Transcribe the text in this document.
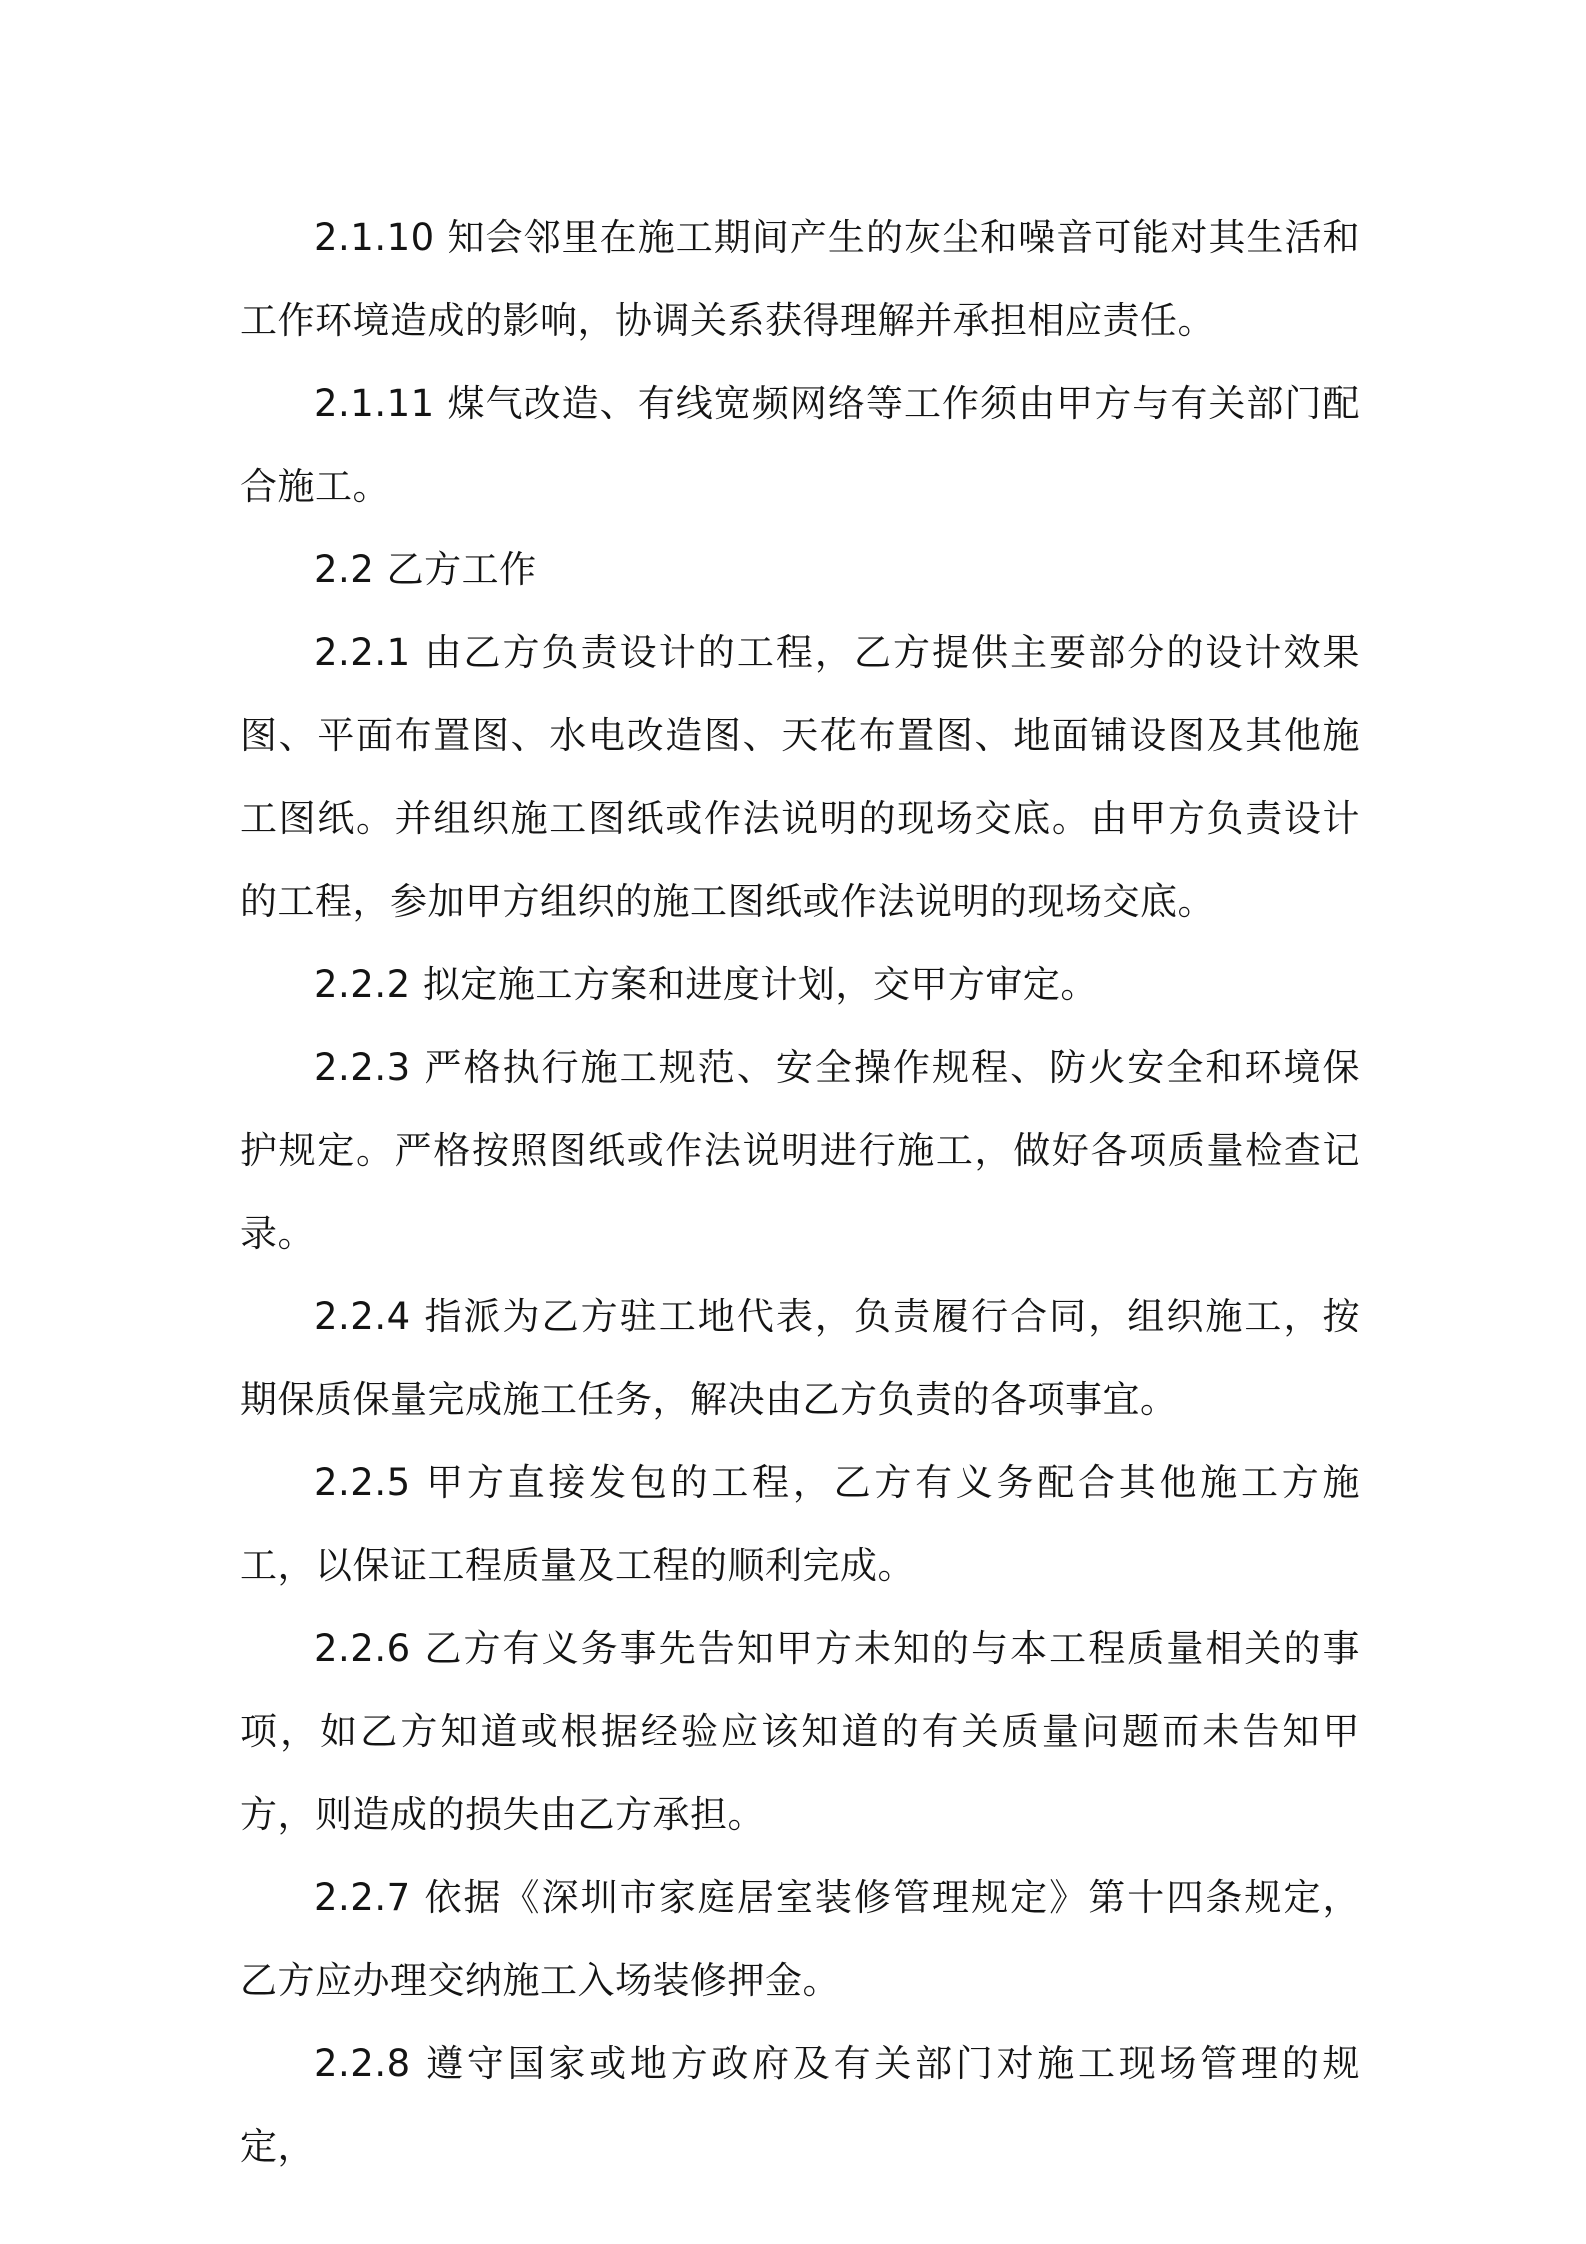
2.1.10 知会邻里在施工期间产生的灰尘和噪音可能对其生活和工作环境造成的影响，协调关系获得理解并承担相应责任。

2.1.11 煤气改造、有线宽频网络等工作须由甲方与有关部门配合施工。

2.2 乙方工作

2.2.1 由乙方负责设计的工程，乙方提供主要部分的设计效果图、平面布置图、水电改造图、天花布置图、地面铺设图及其他施工图纸。并组织施工图纸或作法说明的现场交底。由甲方负责设计的工程，参加甲方组织的施工图纸或作法说明的现场交底。

2.2.2 拟定施工方案和进度计划，交甲方审定。

2.2.3 严格执行施工规范、安全操作规程、防火安全和环境保护规定。严格按照图纸或作法说明进行施工，做好各项质量检查记录。

2.2.4 指派为乙方驻工地代表，负责履行合同，组织施工，按期保质保量完成施工任务，解决由乙方负责的各项事宜。

2.2.5 甲方直接发包的工程，乙方有义务配合其他施工方施工，以保证工程质量及工程的顺利完成。

2.2.6 乙方有义务事先告知甲方未知的与本工程质量相关的事项，如乙方知道或根据经验应该知道的有关质量问题而未告知甲方，则造成的损失由乙方承担。

2.2.7 依据《深圳市家庭居室装修管理规定》第十四条规定，乙方应办理交纳施工入场装修押金。

2.2.8 遵守国家或地方政府及有关部门对施工现场管理的规定，
